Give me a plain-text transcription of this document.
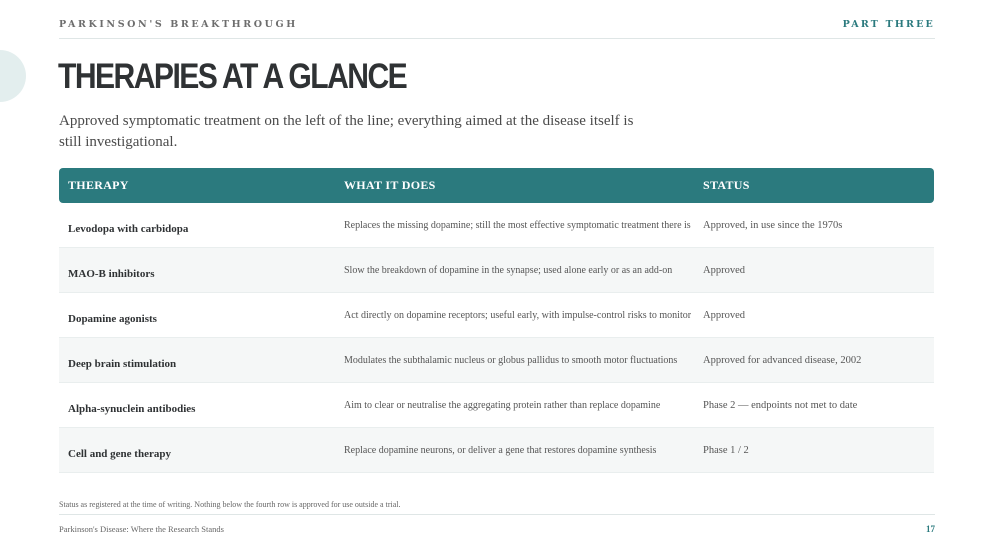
PARKINSON'S BREAKTHROUGH	PART THREE
THERAPIES AT A GLANCE

Approved symptomatic treatment on the left of the line; everything aimed at the disease itself is still investigational.

THERAPY	WHAT IT DOES	STATUS
Levodopa with carbidopa	Replaces the missing dopamine; still the most effective symptomatic treatment there is	Approved, in use since the 1970s
MAO-B inhibitors	Slow the breakdown of dopamine in the synapse; used alone early or as an add-on	Approved
Dopamine agonists	Act directly on dopamine receptors; useful early, with impulse-control risks to monitor	Approved
Deep brain stimulation	Modulates the subthalamic nucleus or globus pallidus to smooth motor fluctuations	Approved for advanced disease, 2002
Alpha-synuclein antibodies	Aim to clear or neutralise the aggregating protein rather than replace dopamine	Phase 2 — endpoints not met to date
Cell and gene therapy	Replace dopamine neurons, or deliver a gene that restores dopamine synthesis	Phase 1 / 2
Status as registered at the time of writing. Nothing below the fourth row is approved for use outside a trial.
Parkinson's Disease: Where the Research Stands	17
